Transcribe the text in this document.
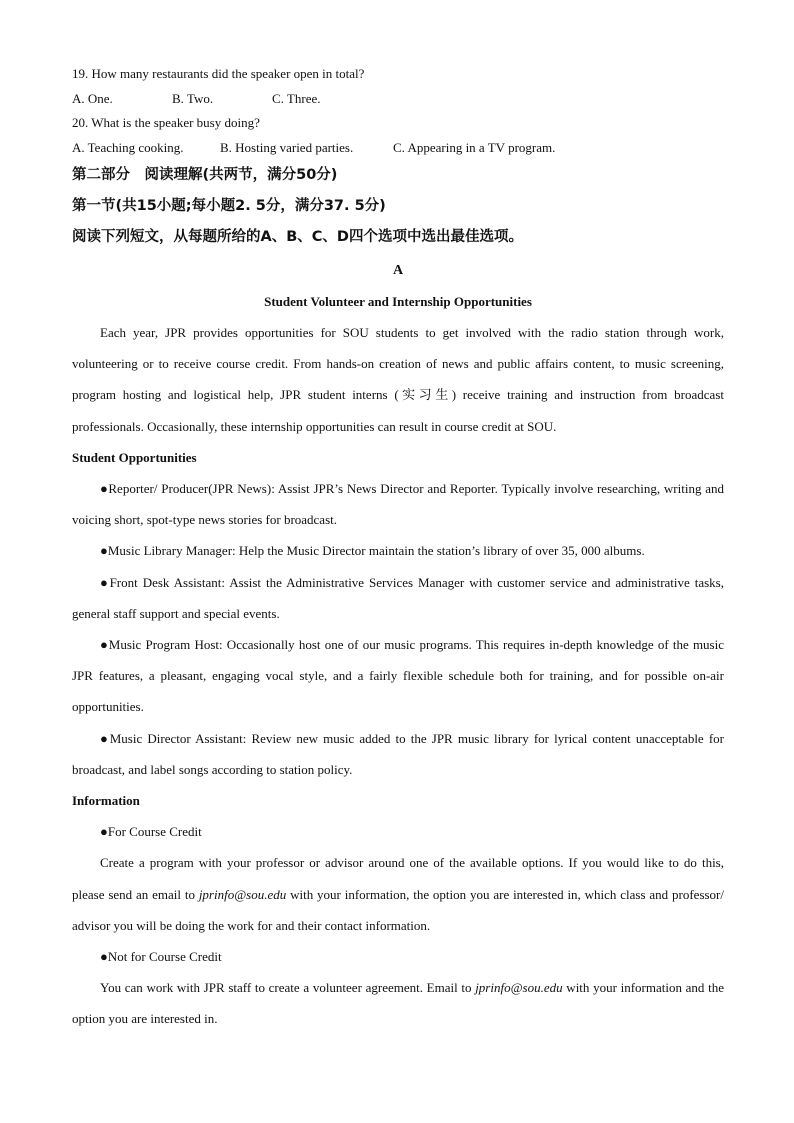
19. How many restaurants did the speaker open in total?
A. One.	B. Two.	C. Three.
20. What is the speaker busy doing?
A. Teaching cooking.	B. Hosting varied parties.	C. Appearing in a TV program.
第二部分　阅读理解(共两节，满分50分)
第一节(共15小题;每小题2. 5分，满分37. 5分)
阅读下列短文，从每题所给的A、B、C、D四个选项中选出最佳选项。
A
Student Volunteer and Internship Opportunities

Each year, JPR provides opportunities for SOU students to get involved with the radio station through work, volunteering or to receive course credit. From hands-on creation of news and public affairs content, to music screening, program hosting and logistical help, JPR student interns (实习生) receive training and instruction from broadcast professionals. Occasionally, these internship opportunities can result in course credit at SOU.

Student Opportunities

●Reporter/ Producer(JPR News): Assist JPR’s News Director and Reporter. Typically involve researching, writing and voicing short, spot-type news stories for broadcast.

●Music Library Manager: Help the Music Director maintain the station’s library of over 35, 000 albums.

●Front Desk Assistant: Assist the Administrative Services Manager with customer service and administrative tasks, general staff support and special events.

●Music Program Host: Occasionally host one of our music programs. This requires in-depth knowledge of the music JPR features, a pleasant, engaging vocal style, and a fairly flexible schedule both for training, and for possible on-air opportunities.

●Music Director Assistant: Review new music added to the JPR music library for lyrical content unacceptable for broadcast, and label songs according to station policy.

Information

●For Course Credit

Create a program with your professor or advisor around one of the available options. If you would like to do this, please send an email to jprinfo@sou.edu with your information, the option you are interested in, which class and professor/ advisor you will be doing the work for and their contact information.

●Not for Course Credit

You can work with JPR staff to create a volunteer agreement. Email to jprinfo@sou.edu with your information and the option you are interested in.
